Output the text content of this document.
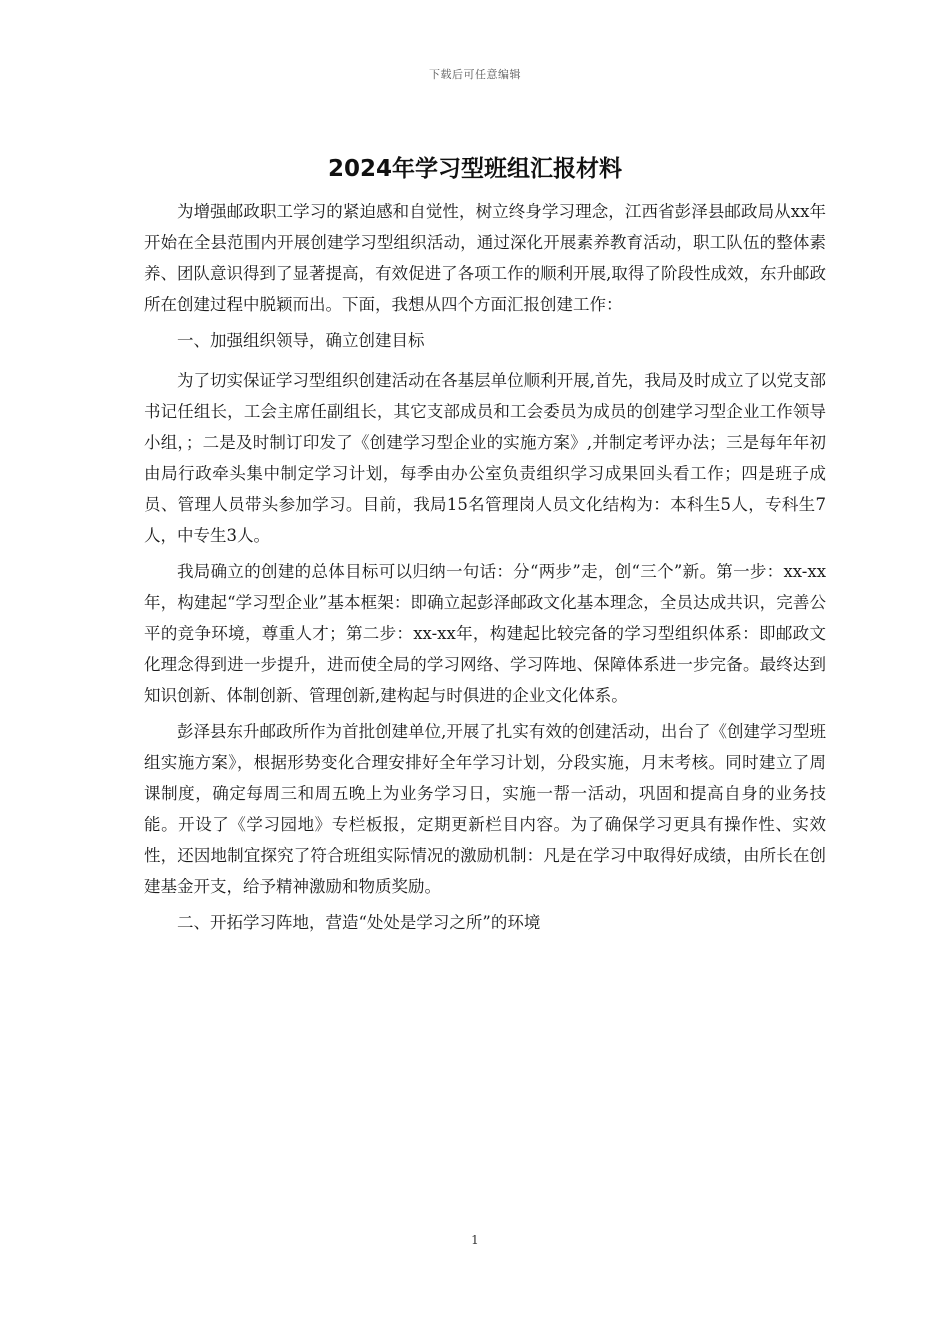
下载后可任意编辑
2024年学习型班组汇报材料

为增强邮政职工学习的紧迫感和自觉性，树立终身学习理念，江西省彭泽县邮政局从xx年开始在全县范围内开展创建学习型组织活动，通过深化开展素养教育活动，职工队伍的整体素养、团队意识得到了显著提高，有效促进了各项工作的顺利开展,取得了阶段性成效，东升邮政所在创建过程中脱颖而出。下面，我想从四个方面汇报创建工作：

一、加强组织领导，确立创建目标

为了切实保证学习型组织创建活动在各基层单位顺利开展,首先，我局及时成立了以党支部书记任组长，工会主席任副组长，其它支部成员和工会委员为成员的创建学习型企业工作领导小组，；二是及时制订印发了《创建学习型企业的实施方案》,并制定考评办法；三是每年年初由局行政牵头集中制定学习计划，每季由办公室负责组织学习成果回头看工作；四是班子成员、管理人员带头参加学习。目前，我局15名管理岗人员文化结构为：本科生5人，专科生7人，中专生3人。

我局确立的创建的总体目标可以归纳一句话：分“两步”走，创“三个”新。第一步：xx-xx年，构建起“学习型企业”基本框架：即确立起彭泽邮政文化基本理念，全员达成共识，完善公平的竞争环境，尊重人才；第二步：xx-xx年，构建起比较完备的学习型组织体系：即邮政文化理念得到进一步提升，进而使全局的学习网络、学习阵地、保障体系进一步完备。最终达到知识创新、体制创新、管理创新,建构起与时俱进的企业文化体系。

彭泽县东升邮政所作为首批创建单位,开展了扎实有效的创建活动，出台了《创建学习型班组实施方案》，根据形势变化合理安排好全年学习计划，分段实施，月末考核。同时建立了周课制度，确定每周三和周五晚上为业务学习日，实施一帮一活动，巩固和提高自身的业务技能。开设了《学习园地》专栏板报，定期更新栏目内容。为了确保学习更具有操作性、实效性，还因地制宜探究了符合班组实际情况的激励机制：凡是在学习中取得好成绩，由所长在创建基金开支，给予精神激励和物质奖励。

二、开拓学习阵地，营造“处处是学习之所”的环境

1
